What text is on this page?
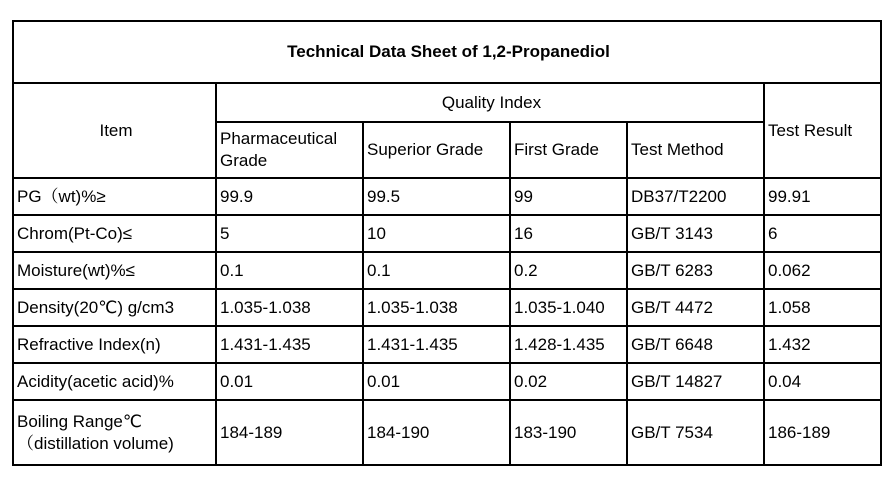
Technical Data Sheet of 1,2-Propanediol					
Item	Quality Index				Test Result
	Pharmaceutical Grade	Superior Grade	First Grade	Test Method	
PG（wt)%≥	99.9	99.5	99	DB37/T2200	99.91
Chrom(Pt-Co)≤	5	10	16	GB/T 3143	6
Moisture(wt)%≤	0.1	0.1	0.2	GB/T 6283	0.062
Density(20℃) g/cm3	1.035-1.038	1.035-1.038	1.035-1.040	GB/T 4472	1.058
Refractive Index(n)	1.431-1.435	1.431-1.435	1.428-1.435	GB/T 6648	1.432
Acidity(acetic acid)%	0.01	0.01	0.02	GB/T 14827	0.04
Boiling Range℃
（distillation volume)	184-189	184-190	183-190	GB/T 7534	186-189
